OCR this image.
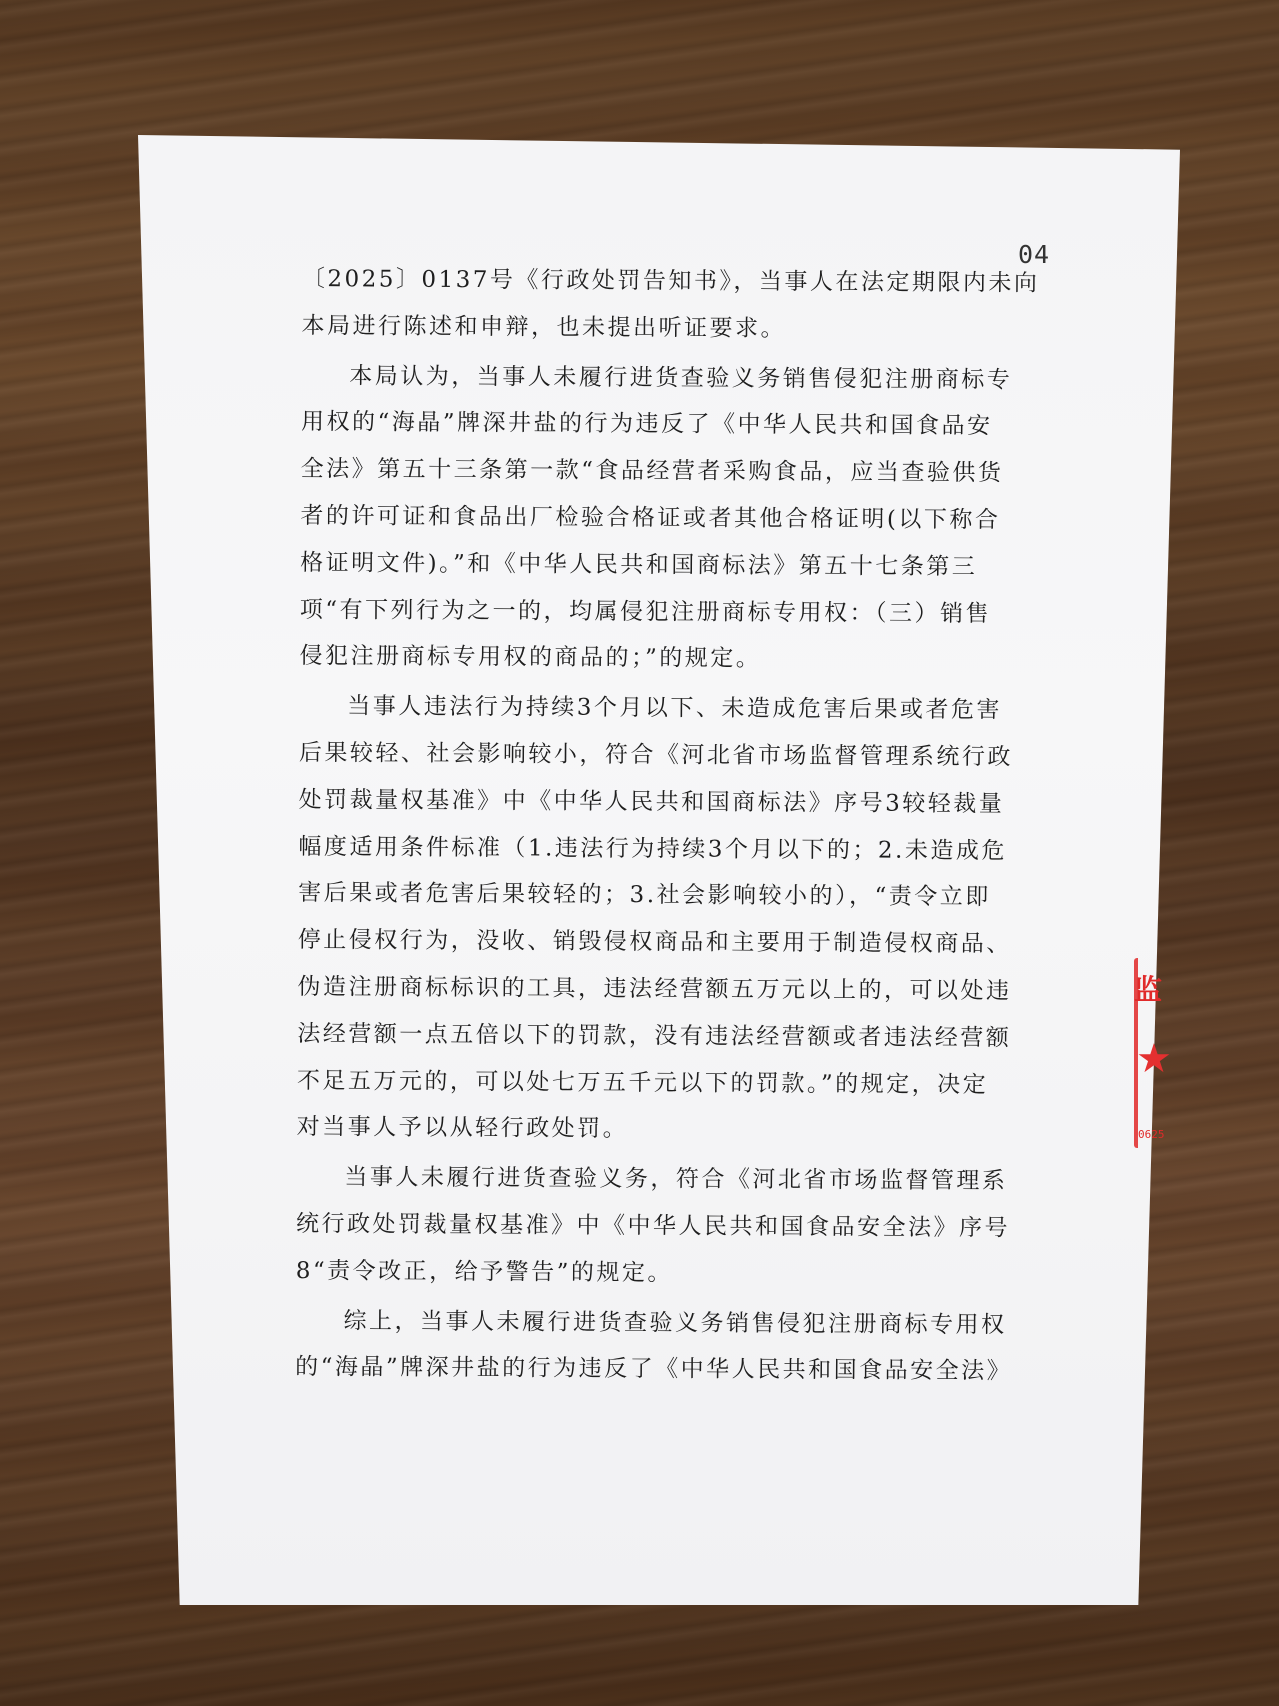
04
〔2025〕0137号《行政处罚告知书》，当事人在法定期限内未向
本局进行陈述和申辩，也未提出听证要求。
本局认为，当事人未履行进货查验义务销售侵犯注册商标专
用权的“海晶”牌深井盐的行为违反了《中华人民共和国食品安
全法》第五十三条第一款“食品经营者采购食品，应当查验供货
者的许可证和食品出厂检验合格证或者其他合格证明(以下称合
格证明文件)。”和《中华人民共和国商标法》第五十七条第三
项“有下列行为之一的，均属侵犯注册商标专用权：（三）销售
侵犯注册商标专用权的商品的；”的规定。
当事人违法行为持续3个月以下、未造成危害后果或者危害
后果较轻、社会影响较小，符合《河北省市场监督管理系统行政
处罚裁量权基准》中《中华人民共和国商标法》序号3较轻裁量
幅度适用条件标准（1.违法行为持续3个月以下的；2.未造成危
害后果或者危害后果较轻的；3.社会影响较小的），“责令立即
停止侵权行为，没收、销毁侵权商品和主要用于制造侵权商品、
伪造注册商标标识的工具，违法经营额五万元以上的，可以处违
法经营额一点五倍以下的罚款，没有违法经营额或者违法经营额
不足五万元的，可以处七万五千元以下的罚款。”的规定，决定
对当事人予以从轻行政处罚。
当事人未履行进货查验义务，符合《河北省市场监督管理系
统行政处罚裁量权基准》中《中华人民共和国食品安全法》序号
8“责令改正，给予警告”的规定。
综上，当事人未履行进货查验义务销售侵犯注册商标专用权
的“海晶”牌深井盐的行为违反了《中华人民共和国食品安全法》
监
★
0625
